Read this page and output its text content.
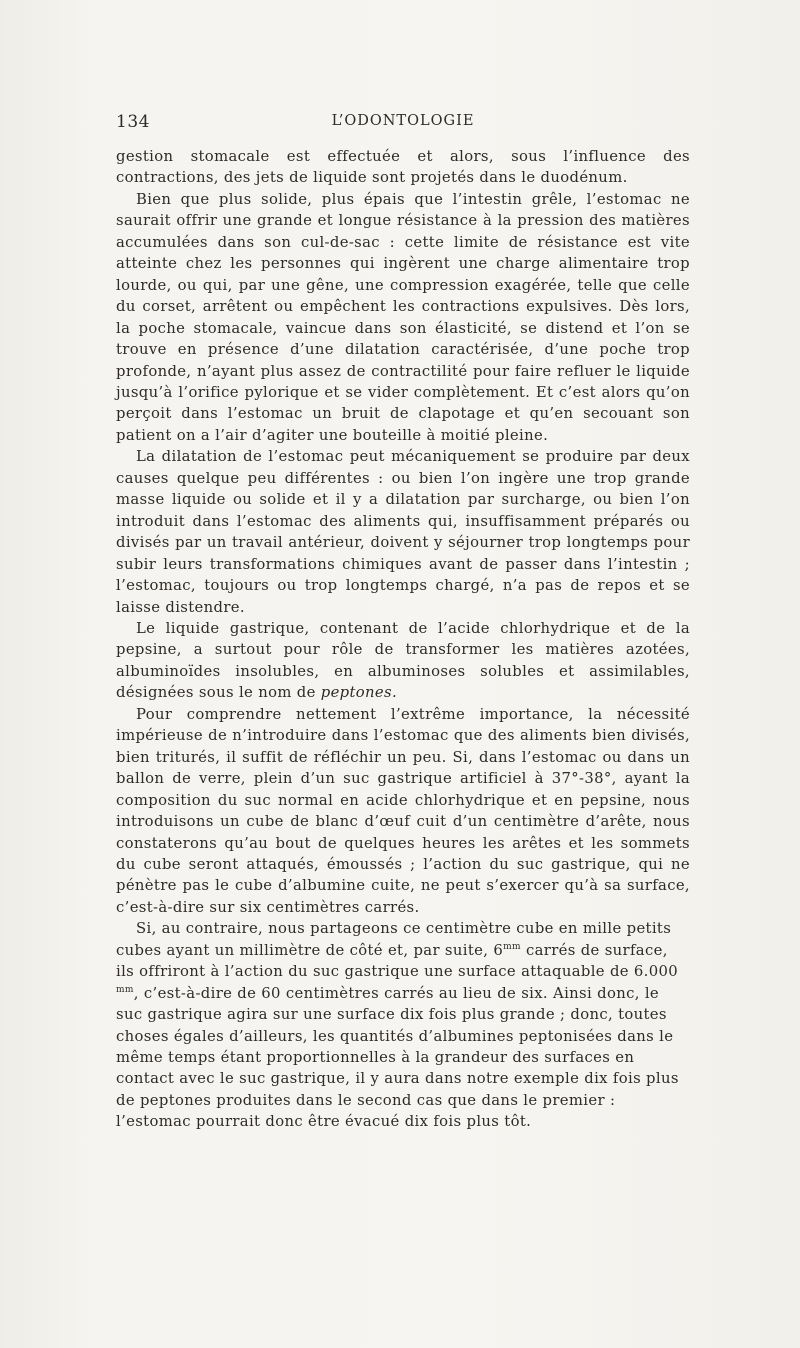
134	L’ODONTOLOGIE

gestion stomacale est effectuée et alors, sous l’influence des contractions, des jets de liquide sont projetés dans le duodénum.

Bien que plus solide, plus épais que l’intestin grêle, l’estomac ne saurait offrir une grande et longue résistance à la pression des matières accumulées dans son cul-de-sac : cette limite de résistance est vite atteinte chez les personnes qui ingèrent une charge alimentaire trop lourde, ou qui, par une gêne, une compression exagérée, telle que celle du corset, arrêtent ou empêchent les contractions expulsives. Dès lors, la poche stomacale, vaincue dans son élasticité, se distend et l’on se trouve en présence d’une dilatation caractérisée, d’une poche trop profonde, n’ayant plus assez de contractilité pour faire refluer le liquide jusqu’à l’orifice pylorique et se vider complètement. Et c’est alors qu’on perçoit dans l’estomac un bruit de clapotage et qu’en secouant son patient on a l’air d’agiter une bouteille à moitié pleine.

La dilatation de l’estomac peut mécaniquement se produire par deux causes quelque peu différentes : ou bien l’on ingère une trop grande masse liquide ou solide et il y a dilatation par surcharge, ou bien l’on introduit dans l’estomac des aliments qui, insuffisamment préparés ou divisés par un travail antérieur, doivent y séjourner trop longtemps pour subir leurs transformations chimiques avant de passer dans l’intestin ; l’estomac, toujours ou trop longtemps chargé, n’a pas de repos et se laisse distendre.

Le liquide gastrique, contenant de l’acide chlorhydrique et de la pepsine, a surtout pour rôle de transformer les matières azotées, albuminoïdes insolubles, en albuminoses solubles et assimilables, désignées sous le nom de peptones.

Pour comprendre nettement l’extrême importance, la nécessité impérieuse de n’introduire dans l’estomac que des aliments bien divisés, bien triturés, il suffit de réfléchir un peu. Si, dans l’estomac ou dans un ballon de verre, plein d’un suc gastrique artificiel à 37°-38°, ayant la composition du suc normal en acide chlorhydrique et en pepsine, nous introduisons un cube de blanc d’œuf cuit d’un centimètre d’arête, nous constaterons qu’au bout de quelques heures les arêtes et les sommets du cube seront attaqués, émoussés ; l’action du suc gastrique, qui ne pénètre pas le cube d’albumine cuite, ne peut s’exercer qu’à sa surface, c’est-à-dire sur six centimètres carrés.

Si, au contraire, nous partageons ce centimètre cube en mille petits cubes ayant un millimètre de côté et, par suite, $6^{mm}$ carrés de surface, ils offriront à l’action du suc gastrique une surface attaquable de 6.000 $^{mm}$, c’est-à-dire de 60 centimètres carrés au lieu de six. Ainsi donc, le suc gastrique agira sur une surface dix fois plus grande ; donc, toutes choses égales d’ailleurs, les quantités d’albumines peptonisées dans le même temps étant proportionnelles à la grandeur des surfaces en contact avec le suc gastrique, il y aura dans notre exemple dix fois plus de peptones produites dans le second cas que dans le premier : l’estomac pourrait donc être évacué dix fois plus tôt.
